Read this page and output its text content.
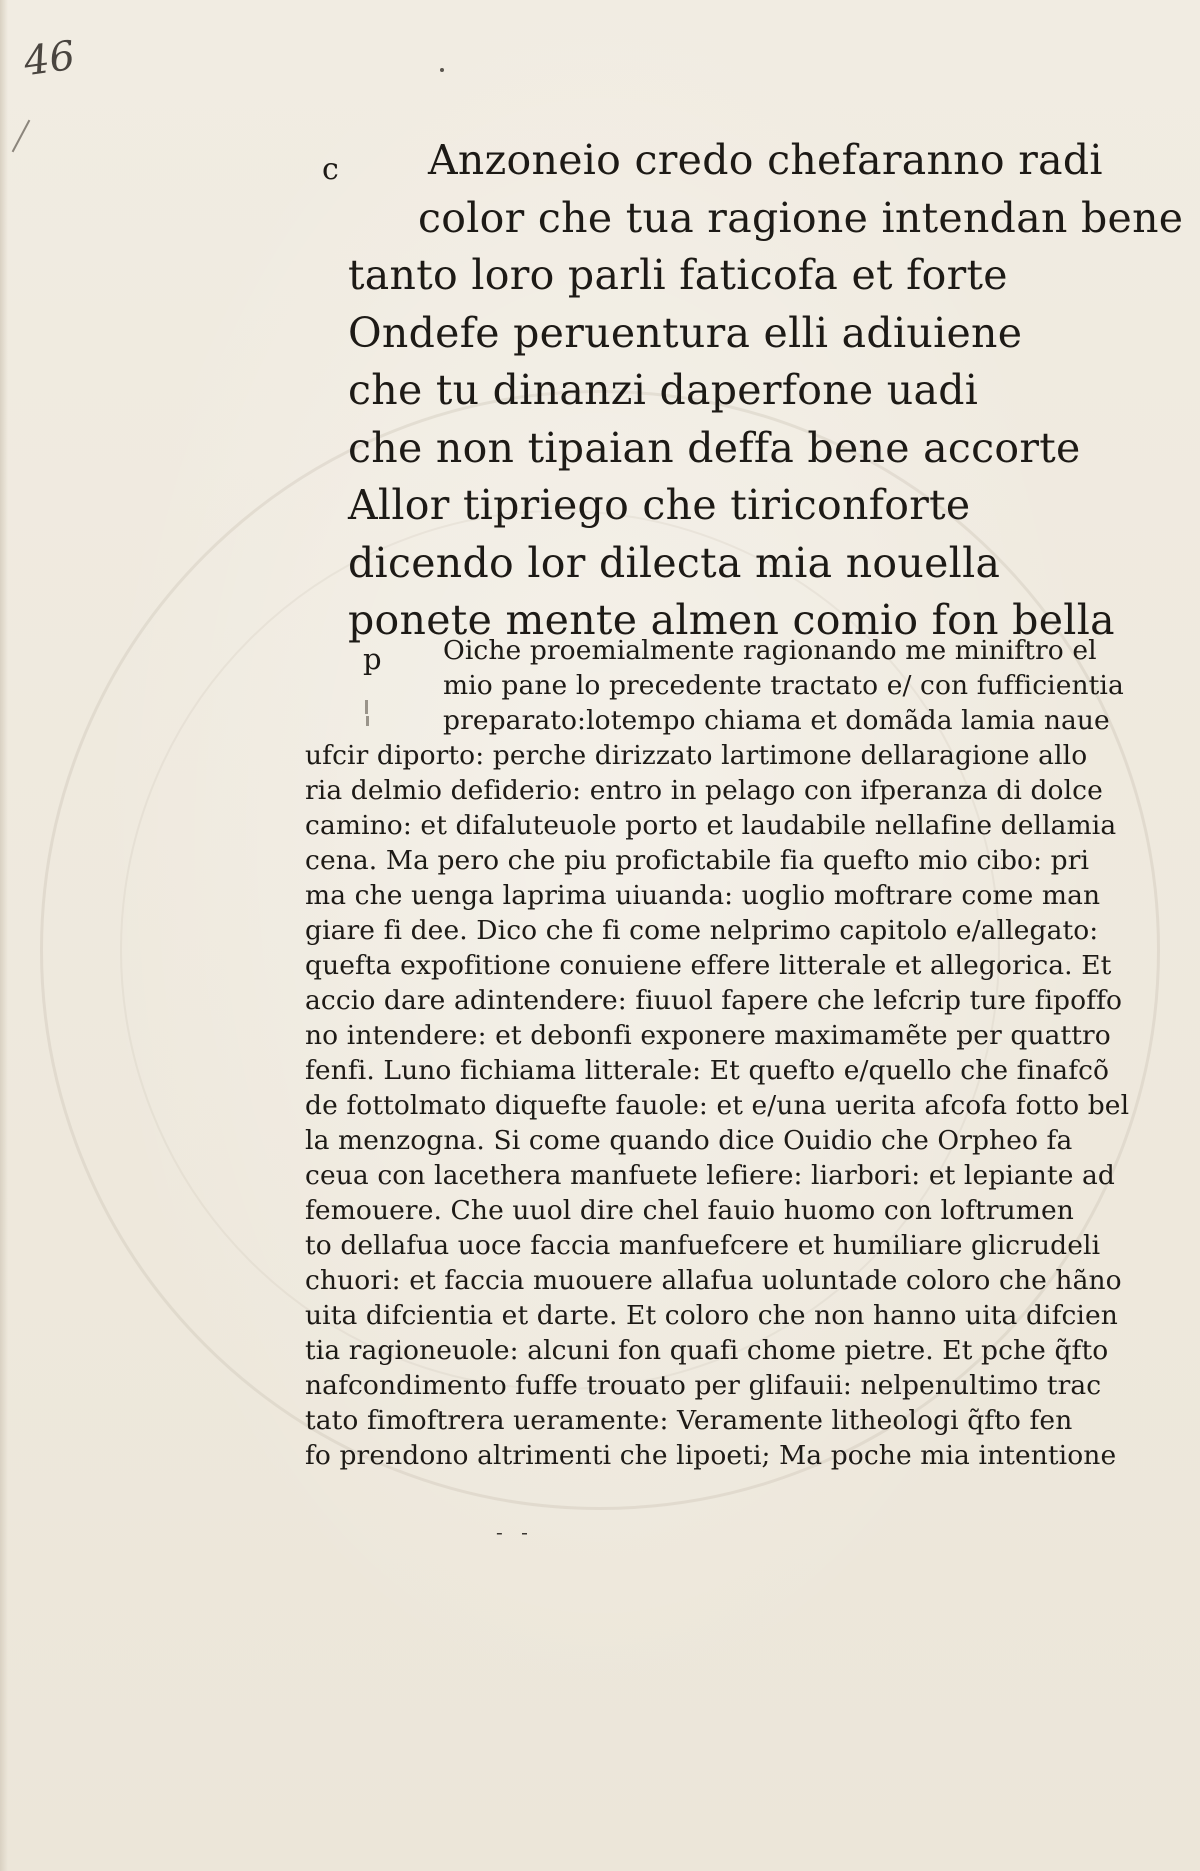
46
c	Anzoneio credo chefaranno radi
color che tua ragione intendan bene
tanto loro parli faticofa et forte
Ondefe peruentura elli adiuiene
che tu dinanzi daperfone uadi
che non tipaian deffa bene accorte
Allor tipriego che tiriconforte
dicendo lor dilecta mia nouella
ponete mente almen comio fon bella
p	Oiche proemialmente ragionando me miniftro el
mio pane lo precedente tractato e/ con fufficientia
preparato:lotempo chiama et domãda lamia naue
ufcir diporto: perche dirizzato lartimone dellaragione allo
ria delmio defiderio: entro in pelago con ifperanza di dolce
camino: et difaluteuole porto et laudabile nellafine dellamia
cena. Ma pero che piu profictabile fia quefto mio cibo: pri
ma che uenga laprima uiuanda: uoglio moftrare come man
giare fi dee. Dico che fi come nelprimo capitolo e/allegato:
quefta expofitione conuiene effere litterale et allegorica. Et
accio dare adintendere: fiuuol fapere che lefcrip ture fipoffo
no intendere: et debonfi exponere maximamẽte per quattro
fenfi. Luno fichiama litterale: Et quefto e/quello che finafcõ
de fottolmato diquefte fauole: et e/una uerita afcofa fotto bel
la menzogna. Si come quando dice Ouidio che Orpheo fa
ceua con lacethera manfuete lefiere: liarbori: et lepiante ad
femouere. Che uuol dire chel fauio huomo con loftrumen
to dellafua uoce faccia manfuefcere et humiliare glicrudeli
chuori: et faccia muouere allafua uoluntade coloro che hãno
uita difcientia et darte. Et coloro che non hanno uita difcien
tia ragioneuole: alcuni fon quafi chome pietre. Et pche q̃fto
nafcondimento fuffe trouato per glifauii: nelpenultimo trac
tato fimoftrera ueramente: Veramente litheologi q̃fto fen
fo prendono altrimenti che lipoeti; Ma poche mia intentione
- -
